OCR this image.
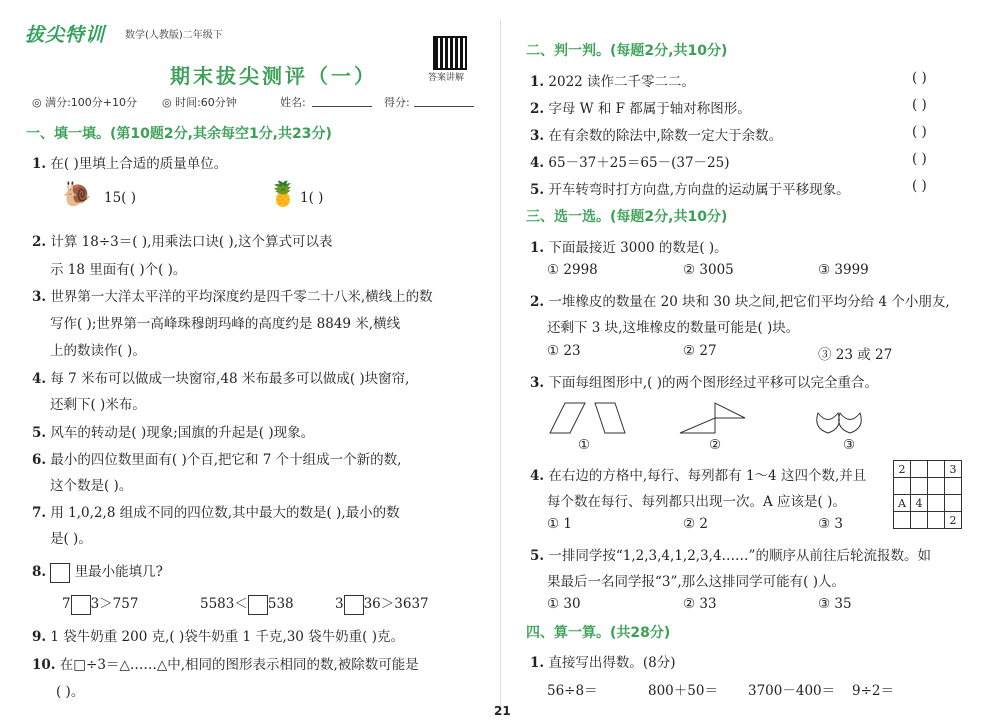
拔尖特训 数学(人教版)二年级下
答案讲解
期末拔尖测评（一）
◎ 满分:100分+10分 ◎ 时间:60分钟	姓名:	得分:
一、填一填。(第10题2分,其余每空1分,共23分)
1. 在( )里填上合适的质量单位。
🐌 15( )	🍍 1( )
2. 计算 18÷3＝( ),用乘法口诀( ),这个算式可以表
示 18 里面有( )个( )。
3. 世界第一大洋太平洋的平均深度约是四千零二十八米,横线上的数
写作( );世界第一高峰珠穆朗玛峰的高度约是 8849 米,横线
上的数读作( )。
4. 每 7 米布可以做成一块窗帘,48 米布最多可以做成( )块窗帘,
还剩下( )米布。
5. 风车的转动是( )现象;国旗的升起是( )现象。
6. 最小的四位数里面有( )个百,把它和 7 个十组成一个新的数,
这个数是( )。
7. 用 1,0,2,8 组成不同的四位数,其中最大的数是( ),最小的数
是( )。
8. 里最小能填几?
7 3＞757	5583＜ 538	3 36＞3637
9. 1 袋牛奶重 200 克,( )袋牛奶重 1 千克,30 袋牛奶重( )克。
10. 在□÷3＝△……△中,相同的图形表示相同的数,被除数可能是
( )。
二、判一判。(每题2分,共10分)
1. 2022 读作二千零二二。	( )
2. 字母 W 和 F 都属于轴对称图形。	( )
3. 在有余数的除法中,除数一定大于余数。	( )
4. 65－37＋25＝65－(37－25)	( )
5. 开车转弯时打方向盘,方向盘的运动属于平移现象。	( )
三、选一选。(每题2分,共10分)
1. 下面最接近 3000 的数是( )。
① 2998	② 3005	③ 3999
2. 一堆橡皮的数量在 20 块和 30 块之间,把它们平均分给 4 个小朋友,
还剩下 3 块,这堆橡皮的数量可能是( )块。
① 23	② 27	③ 23 或 27
3. 下面每组图形中,( )的两个图形经过平移可以完全重合。
①	②	③
4. 在右边的方格中,每行、每列都有 1～4 这四个数,并且
每个数在每行、每列都只出现一次。A 应该是( )。
① 1	② 2	③ 3
2			3

A	4		
			2
5. 一排同学按“1,2,3,4,1,2,3,4……”的顺序从前往后轮流报数。如
果最后一名同学报“3”,那么这排同学可能有( )人。
① 30	② 33	③ 35
四、算一算。(共28分)
1. 直接写出得数。(8分)
56÷8＝	800＋50＝ 3700－400＝ 9÷2＝
21
